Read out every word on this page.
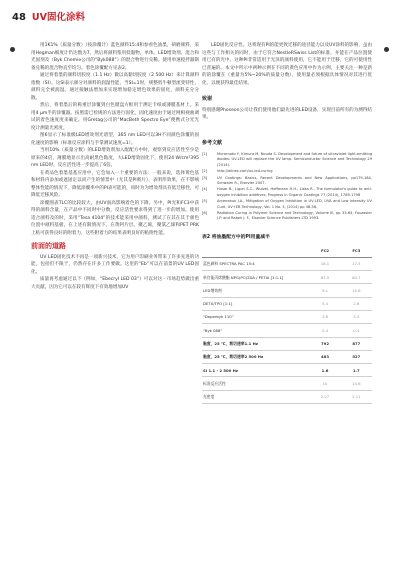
48 UV固化涂料

用1K1%（质量分数）（按涂覆计）蓝色颜料15:4和参看色油墨，研磨颜料，采用Hegman细度计仍达数为7。然后将颜料浆用低黏物，单体、LED增效剂、混合和光固剂及（Byk Chemie公司的“Byk088”）的混合物进行兑稀。使用单速搅拌器制备兑稀的混合物直至均匀。着色涂覆配方见表2。

通过将着墨的颜料切胶度（1.1 Hz）微以高黏切胶度（2 500 Hz）来计算颜料指数（SI）。这SI表示颜分对颜料的润湿性能，当SI=1时，规整剪牛顿型流变特性，颜料完全被润湿。通过接触法增加来实现增加稳定增色效果的固化，颜料充分分散。

然后，将着墨后的称重层涂覆到白色键盘方框用于测定卡纸或薄膜基材上。采用4 μm半的涂覆器。按照需已检规的方法进行固化，固化速度由于通过网相视曲调试的着色速度度来确定。用Gretag公司的“MacBeth Spectro Eye”便携式分光光度计测量光密度。

图6显示了标准级LED增效剂光谱型，365 nm LED可以3H不同颜色涂覆的固化速度的影响（标准反应涂料与手掌测试速度=1）。

当用10%（质量分数）的LED增效剂加入配配方中时，观察到反应活性至少是原来的4倍，薄膜地显示出高耐黑色黏度，大LED增效固化下，使用24 W/cm²395 nm LED时，反应活性进一步提高了6倍。

在黄品色着墨基基应用中，它会加入一个重要的方法：一般来说，选择黄色基和材料内添加或遮固定以同产生的情景中（尤其是PI吸片），表明形效果，在不影响整体性能的情况下，降低涂覆率中的PI表可能的，同时为为增效剂具有低迁移性，可降低迁移风险。

涂覆图表TLC的比较较大，由UV面高影响着色的下降。另中，PI光和FC3中获得的颜料含量，在产品中不同时中分数，反应活性要求得到了进一步的增加。使用适合颜料及的时，采用“Tesa 4104”的技术能采用中颜料，测试了在其在其于颜色位置中颜料基板，在上述有限情况下，在黄阿片层。聚乙烯，聚氯乙烯和PET PRK上粘可获得良好的附着力，这些附着力的结果表明良好的粘附性能。

前面的道路

UV LED固化技术不再是一项新兴技术，它为用户印刷业务带来了许多先进的功能，包括但不限于，仍然存在许多工作要做。这里的“Eb”可以在前景的UV LED固化。

质量再考虑通过以下（例如，“Ebecryl LED 03”）可以对这一市场趋势做出重大贡献。因为它可以在较有辉度下有效地增加UV

LED固化反应性。这将现有PI的能更致迁移的途径能力以及UV涂料的影响，虽由这些与工作相关的同时，由于它符合NestleRSwiss List的标准，并能在产品位置使用已有的光中。这种PI非常适用于光泽的颜料使用，它不能用于迁移，它的可使用性已普遍的。本文中所示中两种示例在不同的黄色应用中作为示例，主要关注一种是新的的涂覆在（重量为5%~20%的质量分数），使用量必须根据具体情况对其进行优化，以便获得最佳结果。

致谢

特别感谢Phoseon公司让我们使用他们最先进的LED设备，实现目前所有的为测得结果。

参考文献
[1]	Murarnoto Y, Kimura M, Nouda S. Development and future of ultraviolet light-emitting diodes: UV-LED will replace the UV lamp. Semiconductor Science and Technology 29 (2014).
[2]	http://allnex.com/uv-led-curing
[3]	UV Coatings: Basics, Recent Developments and New Applications, pp179-184, Schwalm R., Elsevier 2007.
[4]	Husar B., Ligon S.C., Wutzel, Hoffmann H.H., Liska R., The formulator's guide to anti-oxygen inhibition additives, Progress in Organic Coatings 77 (2014), 1789-1798
[5]	Arceneaux J.A., Mitigation of Oxygen Inhibition in UV-LED, UVA and Low intensity UV Cure, UV+EB Technology, Vol. 1 No. 3, (2014) pp 48-56.
[6]	Radiation Curing in Polymer Science and Technology, Volume III, pp 33-64, Fouassier J.P. and Rabek J. F., Elsevier Science Publishers LTD 1993.
表2 将油墨配方中的PI用量减半
	FC2	FC3
蓝色颜料 SPECTRA PAC 15:4	18.1	17.5
单官能丙烯酸酯 NPG(PO)2DA / PETIA [1:1.1]	63.5	60.7
LED增效剂	9.1	15.6
DETX/TPO [1:1]	5.4	2.6
“Doperbyk 110”	3.6	3.3
“Byk 088”	0.4	0.4
黏度，25 ℃，剪切速率1.1 Hz	792	877
黏度，25 ℃，剪切速率2 500 Hz	483	527
SI 1.1 - 2 500 Hz	1.6	1.7
标准反应活性	10	14.6
光密度	2.27	2.11
